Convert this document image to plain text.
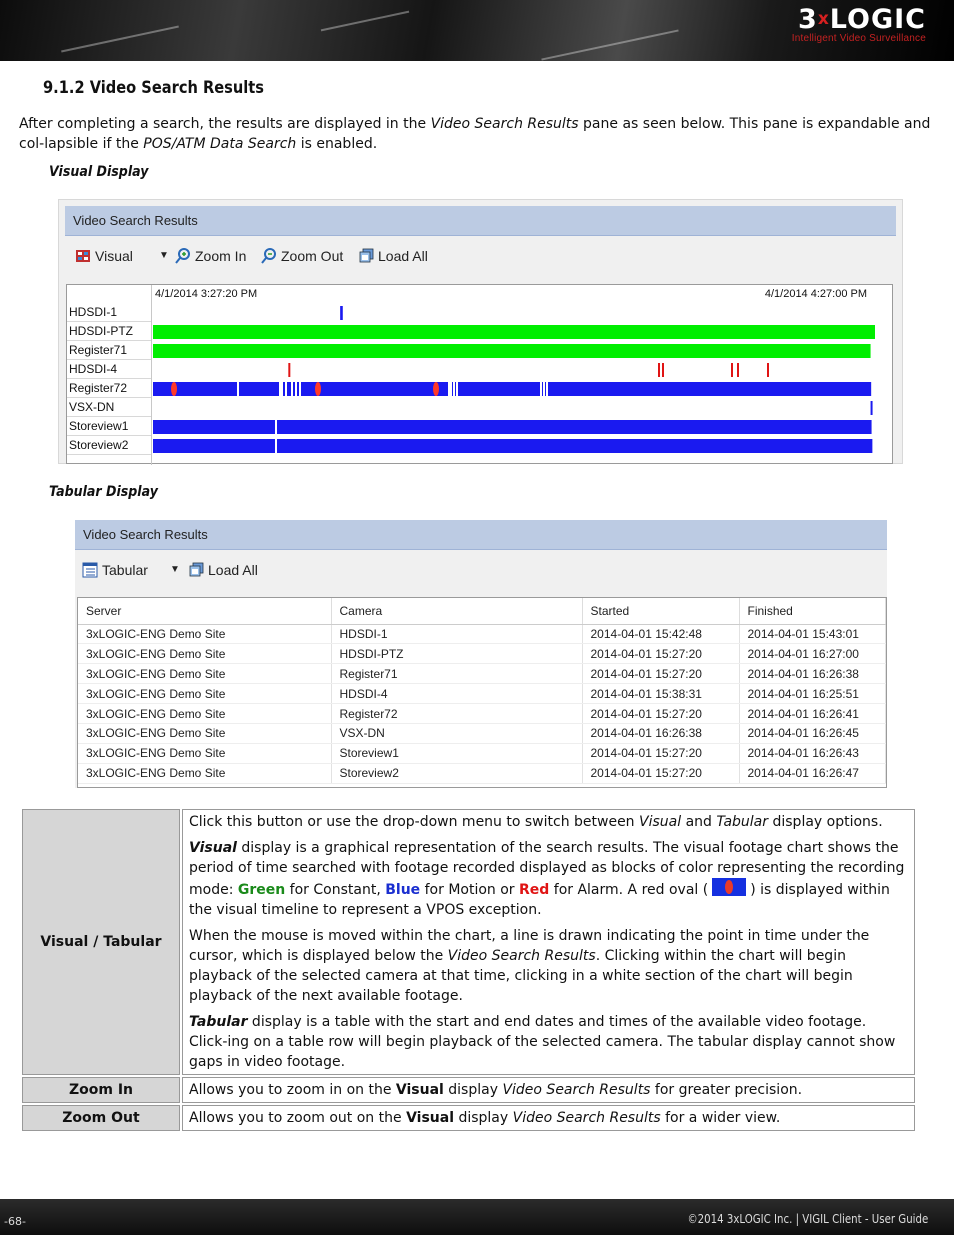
3xLOGIC
Intelligent Video Surveillance
9.1.2 Video Search Results
After completing a search, the results are displayed in the Video Search Results pane as seen below. This pane is expandable and col-lapsible if the POS/ATM Data Search is enabled.
Visual Display
Video Search Results
Visual	▼ Zoom In Zoom Out Load All
4/1/2014 3:27:20 PM	4/1/2014 4:27:00 PM
HDSDI-1
HDSDI-PTZ
Register71
HDSDI-4
Register72
VSX-DN
Storeview1
Storeview2
Tabular Display
Video Search Results
Tabular ▼ Load All
Server	Camera	Started	Finished
3xLOGIC-ENG Demo Site	HDSDI-1	2014-04-01 15:42:48	2014-04-01 15:43:01
3xLOGIC-ENG Demo Site	HDSDI-PTZ	2014-04-01 15:27:20	2014-04-01 16:27:00
3xLOGIC-ENG Demo Site	Register71	2014-04-01 15:27:20	2014-04-01 16:26:38
3xLOGIC-ENG Demo Site	HDSDI-4	2014-04-01 15:38:31	2014-04-01 16:25:51
3xLOGIC-ENG Demo Site	Register72	2014-04-01 15:27:20	2014-04-01 16:26:41
3xLOGIC-ENG Demo Site	VSX-DN	2014-04-01 16:26:38	2014-04-01 16:26:45
3xLOGIC-ENG Demo Site	Storeview1	2014-04-01 15:27:20	2014-04-01 16:26:43
3xLOGIC-ENG Demo Site	Storeview2	2014-04-01 15:27:20	2014-04-01 16:26:47
Visual / Tabular	Click this button or use the drop-down menu to switch between Visual and Tabular display options.

Visual display is a graphical representation of the search results. The visual footage chart shows the period of time searched with footage recorded displayed as blocks of color representing the recording mode: Green for Constant, Blue for Motion or Red for Alarm. A red oval ( ) is displayed within the visual timeline to represent a VPOS exception.

When the mouse is moved within the chart, a line is drawn indicating the point in time under the cursor, which is displayed below the Video Search Results. Clicking within the chart will begin playback of the selected camera at that time, clicking in a white section of the chart will begin playback of the next available footage.

Tabular display is a table with the start and end dates and times of the available video footage. Click-ing on a table row will begin playback of the selected camera. The tabular display cannot show gaps in video footage.

Zoom In	Allows you to zoom in on the Visual display Video Search Results for greater precision.
Zoom Out	Allows you to zoom out on the Visual display Video Search Results for a wider view.
-68-	©2014 3xLOGIC Inc. | VIGIL Client - User Guide
